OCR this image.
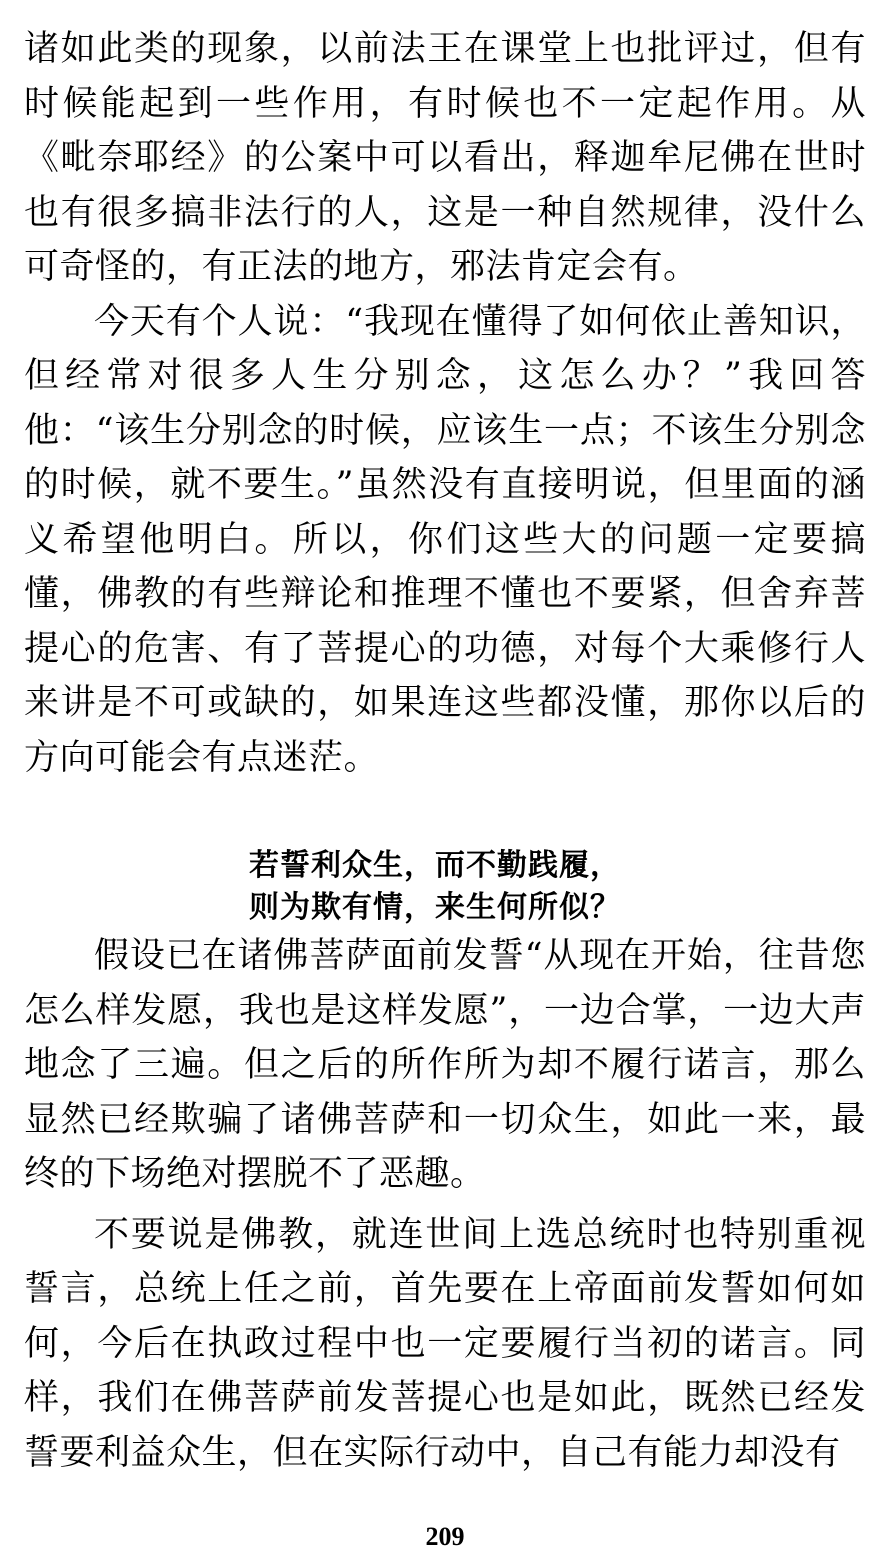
诸如此类的现象，以前法王在课堂上也批评过，但有时候能起到一些作用，有时候也不一定起作用。从《毗奈耶经》的公案中可以看出，释迦牟尼佛在世时也有很多搞非法行的人，这是一种自然规律，没什么可奇怪的，有正法的地方，邪法肯定会有。

今天有个人说：“我现在懂得了如何依止善知识，但经常对很多人生分别念，这怎么办？”我回答他：“该生分别念的时候，应该生一点；不该生分别念的时候，就不要生。”虽然没有直接明说，但里面的涵义希望他明白。所以，你们这些大的问题一定要搞懂，佛教的有些辩论和推理不懂也不要紧，但舍弃菩提心的危害、有了菩提心的功德，对每个大乘修行人来讲是不可或缺的，如果连这些都没懂，那你以后的方向可能会有点迷茫。

若誓利众生，而不勤践履，

则为欺有情，来生何所似？

假设已在诸佛菩萨面前发誓“从现在开始，往昔您怎么样发愿，我也是这样发愿”，一边合掌，一边大声地念了三遍。但之后的所作所为却不履行诺言，那么显然已经欺骗了诸佛菩萨和一切众生，如此一来，最终的下场绝对摆脱不了恶趣。

不要说是佛教，就连世间上选总统时也特别重视誓言，总统上任之前，首先要在上帝面前发誓如何如何，今后在执政过程中也一定要履行当初的诺言。同样，我们在佛菩萨前发菩提心也是如此，既然已经发誓要利益众生，但在实际行动中，自己有能力却没有

209
